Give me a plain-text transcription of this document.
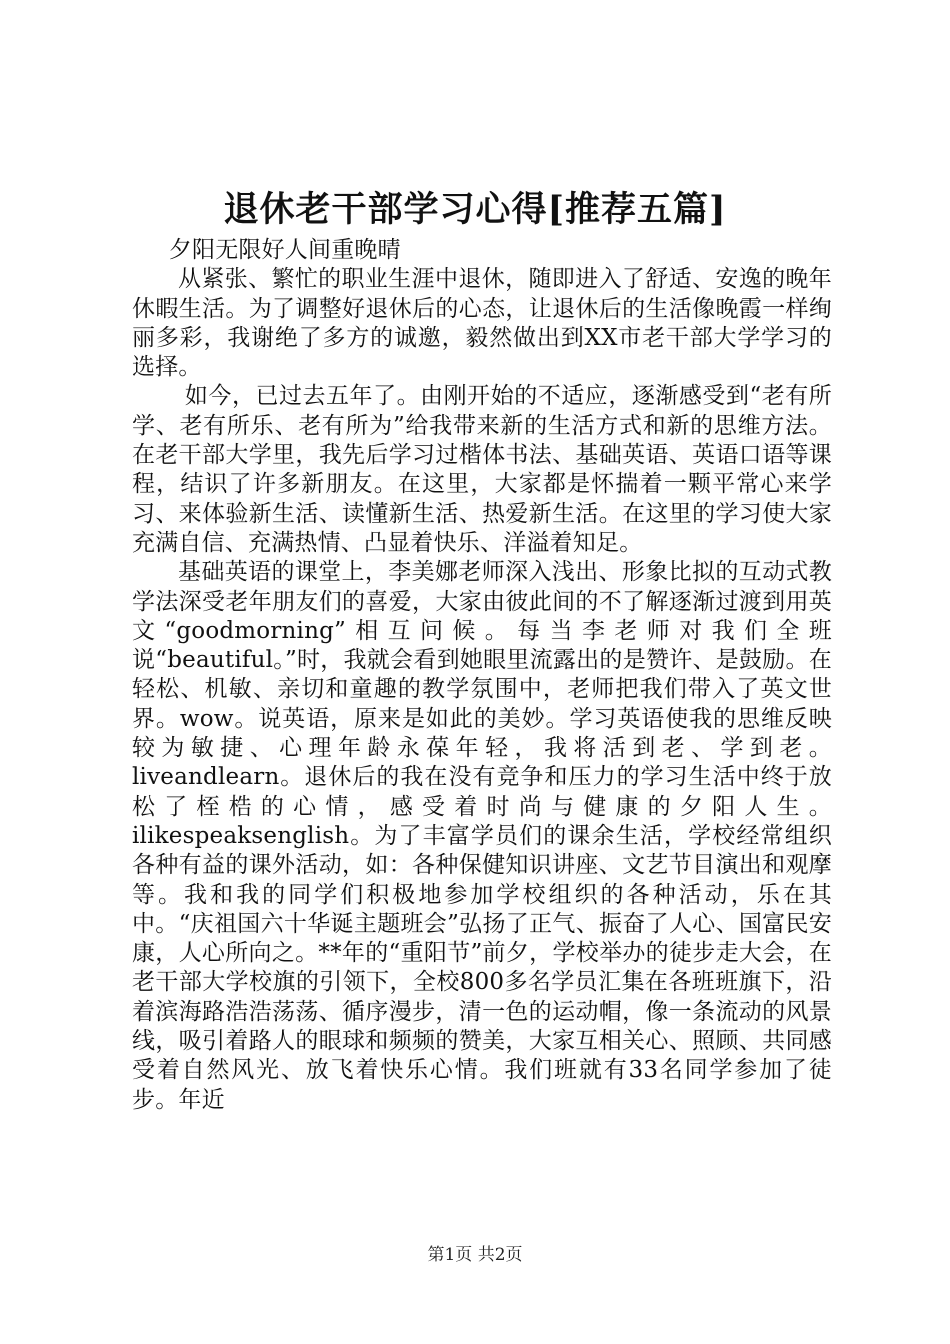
退休老干部学习心得[推荐五篇]

夕阳无限好人间重晚晴

从紧张、繁忙的职业生涯中退休，随即进入了舒适、安逸的晚年休暇生活。为了调整好退休后的心态，让退休后的生活像晚霞一样绚丽多彩，我谢绝了多方的诚邀，毅然做出到XX市老干部大学学习的选择。

如今，已过去五年了。由刚开始的不适应，逐渐感受到“老有所学、老有所乐、老有所为”给我带来新的生活方式和新的思维方法。在老干部大学里，我先后学习过楷体书法、基础英语、英语口语等课程，结识了许多新朋友。在这里，大家都是怀揣着一颗平常心来学习、来体验新生活、读懂新生活、热爱新生活。在这里的学习使大家充满自信、充满热情、凸显着快乐、洋溢着知足。

基础英语的课堂上，李美娜老师深入浅出、形象比拟的互动式教学法深受老年朋友们的喜爱，大家由彼此间的不了解逐渐过渡到用英文“goodmorning”相互问候。每当李老师对我们全班说“beautiful。”时，我就会看到她眼里流露出的是赞许、是鼓励。在轻松、机敏、亲切和童趣的教学氛围中，老师把我们带入了英文世界。wow。说英语，原来是如此的美妙。学习英语使我的思维反映较为敏捷、心理年龄永葆年轻，我将活到老、学到老。liveandlearn。退休后的我在没有竞争和压力的学习生活中终于放松了桎梏的心情，感受着时尚与健康的夕阳人生。ilikespeaksenglish。为了丰富学员们的课余生活，学校经常组织各种有益的课外活动，如：各种保健知识讲座、文艺节目演出和观摩等。我和我的同学们积极地参加学校组织的各种活动，乐在其中。“庆祖国六十华诞主题班会”弘扬了正气、振奋了人心、国富民安康，人心所向之。**年的“重阳节”前夕，学校举办的徒步走大会，在老干部大学校旗的引领下，全校800多名学员汇集在各班班旗下，沿着滨海路浩浩荡荡、循序漫步，清一色的运动帽，像一条流动的风景线，吸引着路人的眼球和频频的赞美，大家互相关心、照顾、共同感受着自然风光、放飞着快乐心情。我们班就有33名同学参加了徒步。年近

第1页 共2页
